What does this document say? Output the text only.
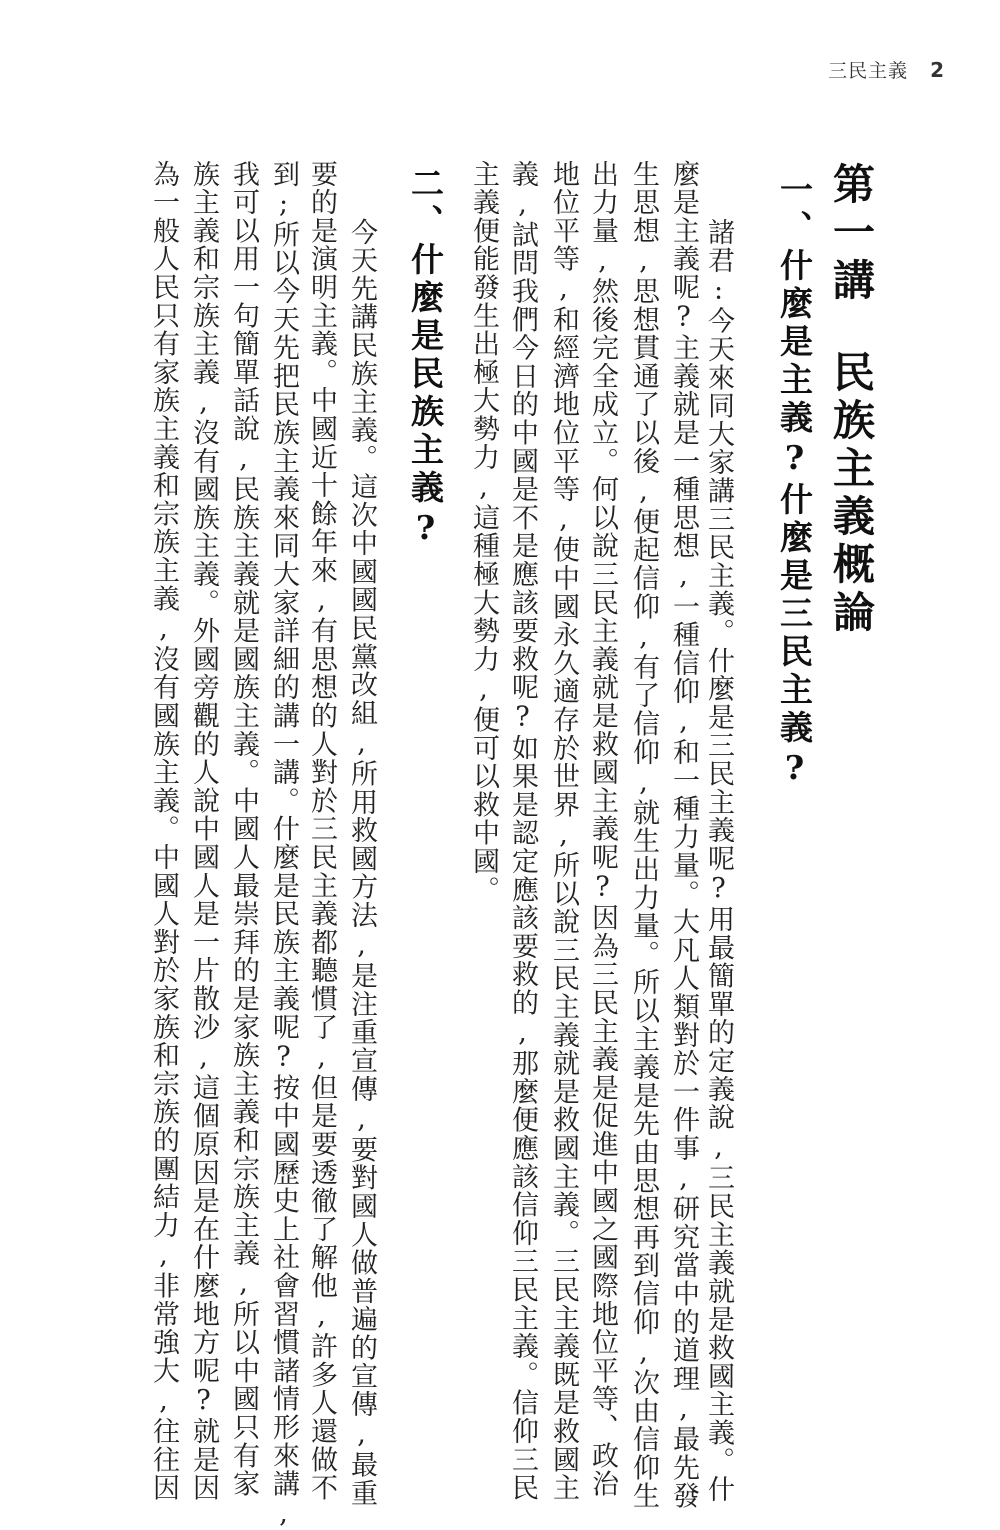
三民主義 2
第一講民族主義概論
一、什麼是主義?什麼是三民主義?
諸君:今天來同大家講三民主義。什麼是三民主義呢?用最簡單的定義說,三民主義就是救國主義。什
麼是主義呢?主義就是一種思想,一種信仰,和一種力量。大凡人類對於一件事,研究當中的道理,最先發
生思想,思想貫通了以後,便起信仰,有了信仰,就生出力量。所以主義是先由思想再到信仰,次由信仰生
出力量,然後完全成立。何以說三民主義就是救國主義呢?因為三民主義是促進中國之國際地位平等、政治
地位平等,和經濟地位平等,使中國永久適存於世界,所以說三民主義就是救國主義。三民主義既是救國主
義,試問我們今日的中國是不是應該要救呢?如果是認定應該要救的,那麼便應該信仰三民主義。信仰三民
主義便能發生出極大勢力,這種極大勢力,便可以救中國。
二、什麼是民族主義?
今天先講民族主義。這次中國國民黨改組,所用救國方法,是注重宣傳,要對國人做普遍的宣傳,最重
要的是演明主義。中國近十餘年來,有思想的人對於三民主義都聽慣了,但是要透徹了解他,許多人還做不
到;所以今天先把民族主義來同大家詳細的講一講。什麼是民族主義呢?按中國歷史上社會習慣諸情形來講,
我可以用一句簡單話說,民族主義就是國族主義。中國人最崇拜的是家族主義和宗族主義,所以中國只有家
族主義和宗族主義,沒有國族主義。外國旁觀的人說中國人是一片散沙,這個原因是在什麼地方呢?就是因
為一般人民只有家族主義和宗族主義,沒有國族主義。中國人對於家族和宗族的團結力,非常強大,往往因
